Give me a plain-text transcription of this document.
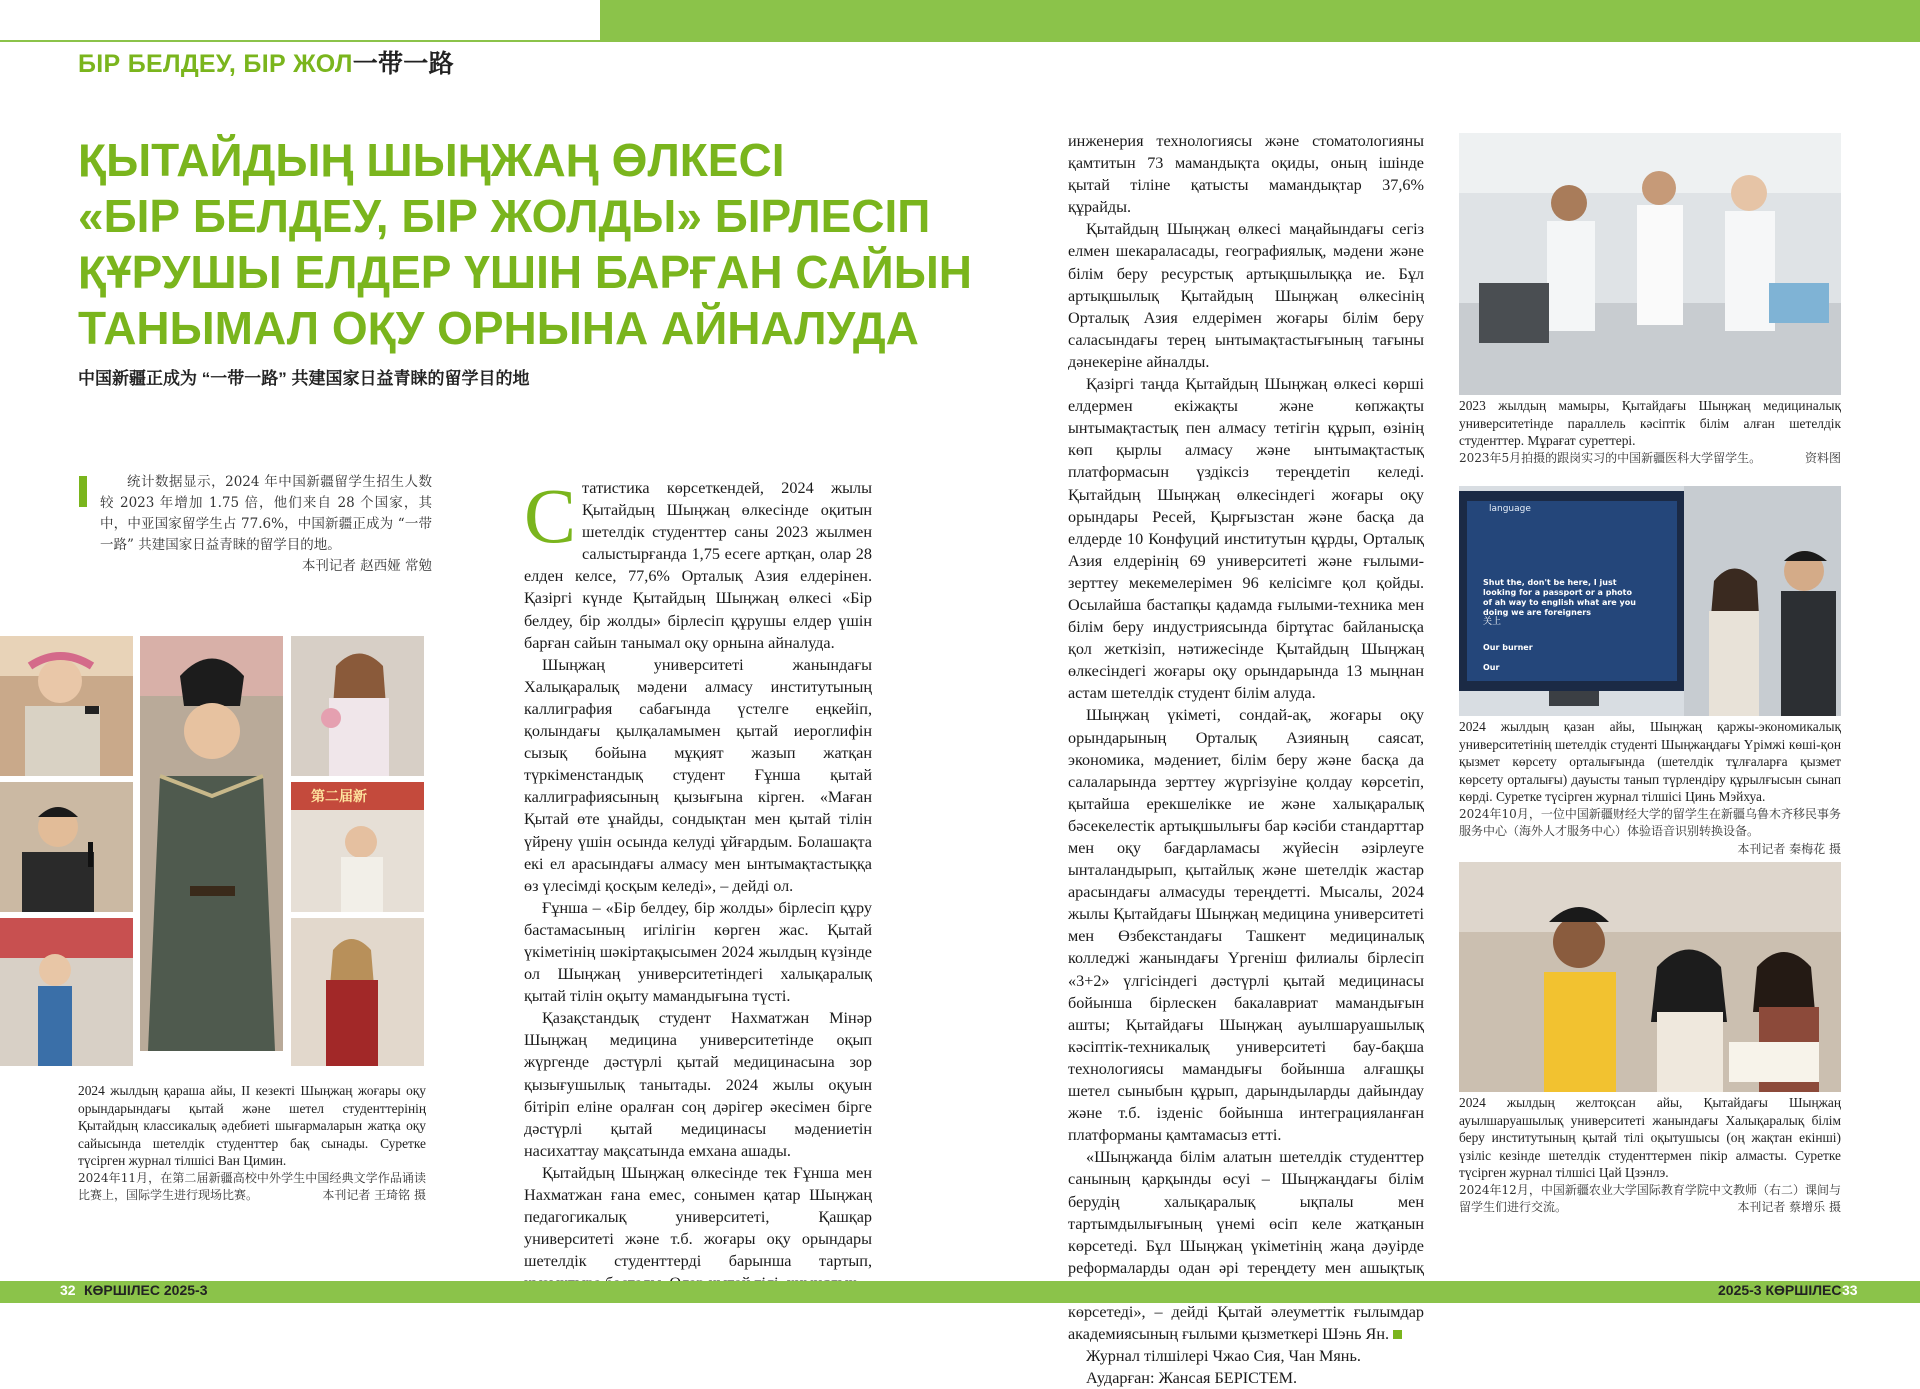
БІР БЕЛДЕУ, БІР ЖОЛ一带一路
ҚЫТАЙДЫҢ ШЫҢЖАҢ ӨЛКЕСІ
«БІР БЕЛДЕУ, БІР ЖОЛДЫ» БІРЛЕСІП
ҚҰРУШЫ ЕЛДЕР ҮШІН БАРҒАН САЙЫН
ТАНЫМАЛ ОҚУ ОРНЫНА АЙНАЛУДА
中国新疆正成为 “一带一路” 共建国家日益青睐的留学目的地

统计数据显示，2024 年中国新疆留学生招生人数较 2023 年增加 1.75 倍，他们来自 28 个国家，其中，中亚国家留学生占 77.6%，中国新疆正成为 “一带一路” 共建国家日益青睐的留学目的地。

本刊记者 赵西娅 常勉

第二届新

2024 жылдың қараша айы, ІІ кезекті Шыңжаң жоғары оқу орындарындағы қытай және шетел студенттерінің Қытайдың классикалық әдебиеті шығармаларын жатқа оқу сайысында шетелдік студенттер бақ сынады. Суретке түсірген журнал тілшісі Ван Цимин.

2024年11月，在第二届新疆高校中外学生中国经典文学作品诵读比赛上，国际学生进行现场比赛。	本刊记者 王琦铭 摄

Статистика көрсеткендей, 2024 жылы Қытайдың Шыңжаң өлкесінде оқитын шетелдік студенттер саны 2023 жылмен салыстырғанда 1,75 есеге артқан, олар 28 елден келсе, 77,6% Орталық Азия елдерінен. Қазіргі күнде Қытайдың Шыңжаң өлкесі «Бір белдеу, бір жолды» бірлесіп құрушы елдер үшін барған сайын танымал оқу орнына айналуда.

Шыңжаң университеті жанындағы Халықаралық мәдени алмасу институтының каллиграфия сабағында үстелге еңкейіп, қолындағы қылқаламымен қытай иероглифін сызық бойына мұқият жазып жатқан түркіменстандық студент Ғұнша қытай каллиграфиясының қызығына кірген. «Маған Қытай өте ұнайды, сондықтан мен қытай тілін үйрену үшін осында келуді ұйғардым. Болашақта екі ел арасындағы алмасу мен ынтымақтастыққа өз үлесімді қосқым келеді», – дейді ол.

Ғұнша – «Бір белдеу, бір жолды» бірлесіп құру бастамасының игілігін көрген жас. Қытай үкіметінің шәкіртақысымен 2024 жылдың күзінде ол Шыңжаң университетіндегі халықаралық қытай тілін оқыту мамандығына түсті.

Қазақстандық студент Нахматжан Мінәр Шыңжаң медицина университетінде оқып жүргенде дәстүрлі қытай медицинасына зор қызығушылық танытады. 2024 жылы оқуын бітіріп еліне оралған соң дәрігер әкесімен бірге дәстүрлі қытай медицинасы мәдениетін насихаттау мақсатында емхана ашады.

Қытайдың Шыңжаң өлкесінде тек Ғұнша мен Нахматжан ғана емес, сонымен қатар Шыңжаң педагогикалық университеті, Қашқар университеті және т.б. жоғары оқу орындары шетелдік студенттерді барынша тартып,

инженерия технологиясы және стоматологияны қамтитын 73 мамандықта оқиды, оның ішінде қытай тіліне қатысты мамандықтар 37,6% құрайды.

Қытайдың Шыңжаң өлкесі маңайындағы сегіз елмен шекараласады, географиялық, мәдени және білім беру ресурстық артықшылыққа ие. Бұл артықшылық Қытайдың Шыңжаң өлкесінің Орталық Азия елдерімен жоғары білім беру саласындағы терең ынтымақтастығының тағыны дәнекеріне айналды.

Қазіргі таңда Қытайдың Шыңжаң өлкесі көрші елдермен екіжақты және көпжақты ынтымақтастық пен алмасу тетігін құрып, өзінің көп қырлы алмасу және ынтымақтастық платформасын үздіксіз тереңдетіп келеді. Қытайдың Шыңжаң өлкесіндегі жоғары оқу орындары Ресей, Қырғызстан және басқа да елдерде 10 Конфуций институтын құрды, Орталық Азия елдерінің 69 университеті және ғылыми-зерттеу мекемелерімен 96 келісімге қол қойды. Осылайша бастапқы қадамда ғылыми-техника мен білім беру индустриясында біртұтас байланысқа қол жеткізіп, нәтижесінде Қытайдың Шыңжаң өлкесіндегі жоғары оқу орындарында 13 мыңнан астам шетелдік студент білім алуда.

Шыңжаң үкіметі, сондай-ақ, жоғары оқу орындарының Орталық Азияның саясат, экономика, мәдениет, білім беру және басқа да салаларында зерттеу жүргізуіне қолдау көрсетіп, қытайша ерекшелікке ие және халықаралық бәсекелестік артықшылығы бар кәсіби стандарттар мен оқу бағдарламасы жүйесін әзірлеуге ынталандырып, қытайлық және шетелдік жастар арасындағы алмасуды тереңдетті. Мысалы, 2024 жылы Қытайдағы Шыңжаң медицина университеті мен Өзбекстандағы Ташкент медициналық колледжі жанындағы Үргеніш филиалы бірлесіп «3+2» үлгісіндегі дәстүрлі қытай медицинасы бойынша бірлескен бакалавриат мамандығын ашты; Қытайдағы Шыңжаң ауылшаруашылық кәсіптік-техникалық университеті бау-бақша технологиясы мамандығы бойынша алғашқы шетел сыныбын құрып, дарындыларды дайындау және т.б. ізденіс бойынша интеграцияланған платформаны қамтамасыз етті.

«Шыңжаңда білім алатын шетелдік студенттер санының қарқынды өсуі – Шыңжаңдағы білім берудің халықаралық ықпалы мен тартымдылығының үнемі өсіп келе жатқанын көрсетеді. Бұл Шыңжаң үкіметінің жаңа дәуірде реформаларды одан әрі тереңдету мен ашықтық көрсетеді», – дейді Қытай әлеуметтік ғылымдар академиясының ғылыми қызметкері Шэнь Ян.

Журнал тілшілері Чжао Сия, Чан Мянь.

Аударған: Жансая БЕРІСТЕМ.

2023 жылдың мамыры, Қытайдағы Шыңжаң медициналық университетінде параллель кәсіптік білім алған шетелдік студенттер. Мұрағат суреттері.

2023年5月拍摄的跟岗实习的中国新疆医科大学留学生。	资料图

language
Shut the, don't be here, I just looking for a passport or a photo of ah way to english what are you doing we are foreigners
关上
Our burner
Our

2024 жылдың қазан айы, Шыңжаң қаржы-экономикалық университетінің шетелдік студенті Шыңжаңдағы Үрімжі көші-қон қызмет көрсету орталығында (шетелдік тұлғаларға қызмет көрсету орталығы) дауысты танып түрлендіру құрылғысын сынап көрді. Суретке түсірген журнал тілшісі Цинь Мэйхуа.

2024年10月，一位中国新疆财经大学的留学生在新疆乌鲁木齐移民事务服务中心（海外人才服务中心）体验语音识别转换设备。

本刊记者 秦梅花 摄

2024 жылдың желтоқсан айы, Қытайдағы Шыңжаң ауылшаруашылық университеті жанындағы Халықаралық білім беру институтының қытай тілі оқытушысы (оң жақтан екінші) үзіліс кезінде шетелдік студенттермен пікір алмасты. Суретке түсірген журнал тілшісі Цай Цзэнлэ.

2024年12月，中国新疆农业大学国际教育学院中文教师（右二）课间与留学生们进行交流。	本刊记者 蔡增乐 摄

32 КӨРШІЛЕС 2025-3	2025-3 КӨРШІЛЕС 33
